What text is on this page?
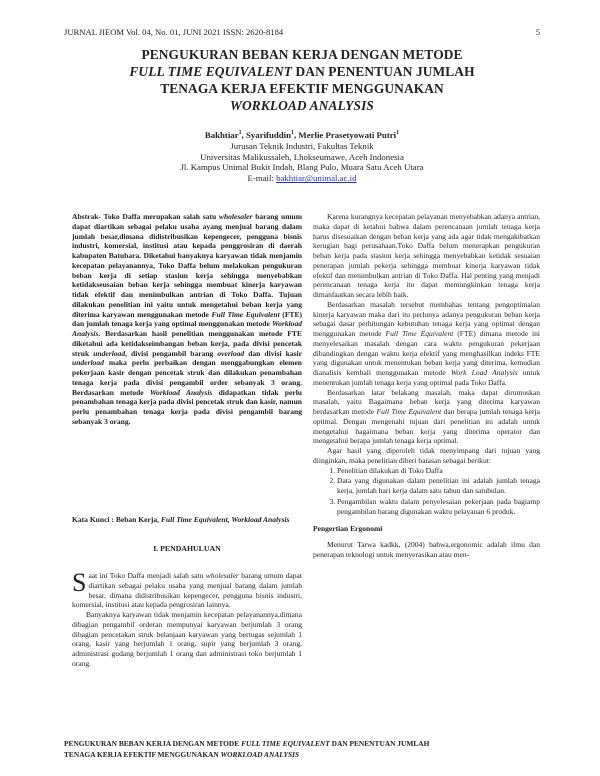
JURNAL JIEOM Vol. 04, No. 01, JUNI 2021 ISSN: 2620-8184	5
PENGUKURAN BEBAN KERJA DENGAN METODE
FULL TIME EQUIVALENT DAN PENENTUAN JUMLAH
TENAGA KERJA EFEKTIF MENGGUNAKAN
WORKLOAD ANALYSIS
Bakhtiar$^1$, Syarifuddin$^1$, Merlie Prasetyowati Putri$^1$
Jurusan Teknik Industri, Fakultas Teknik
Universitas Malikussaleh, Lhokseumawe, Aceh Indonesia
Jl. Kampus Unimal Bukit Indah, Blang Pulo, Muara Satu Aceh Utara
E-mail: bakhtiar@unimal.ac.id
Abstrak- Toko Daffa merupakan salah satu wholesaler barang umum dapat diartikan sebagai pelaku usaha ayang menjual barang dalam jumlah besar,dimana didistribusikan kepengecer, pengguna bisnis industri, komersial, institusi atau kepada penggrosiran di daerah kabupaten Batubara. Diketahui banyaknya karyawan tidak menjamin kecepatan pelayanannya, Toko Daffa belum melakukan pengukuran beban kerja di setiap stasiun kerja sehingga menyebabkan ketidakseusaian beban kerja sehingga membuat kinerja karyawan tidak efektif dan menimbulkan antrian di Toko Daffa. Tujuan dilakukan penelitian ini yaitu untuk mengetahui beban kerja yang diterima karyawan menggunakan metode Full Time Equivalent (FTE) dan jumlah tenaga kerja yang optimal menggunakan metode Workload Analysis. Berdasarkan hasil penelitian menggunakan metode FTE diketahui ada ketidakseimbangan beban kerja, pada divisi pencetak struk underload, divisi pengambil barang overload dan divisi kasir underload maka perlu perbaikan dengan menggabungkan elemen pekerjaan kasir dengan pencetak struk dan dilakukan penambahan tenaga kerja pada divisi pengambil order sebanyak 3 orang. Berdasarkan metode Workload Analysis didapatkan tidak perlu penambahan tenaga kerja pada divisi pencetak struk dan kasir, namun perlu penambahan tenaga kerja pada divisi pengambil barang sebanyak 3 orang.
Kata Kunci : Beban Kerja, Full Time Equivalent, Workload Analysis
I. PENDAHULUAN

Saat ini Toko Daffa menjadi salah satu wholesaler barang umum dapat diartikan sebagai pelaku usaha yang menjual barang dalam jumlah besar, dimana didistribusikan kepengecer, pengguna bisnis industri, komersial, institusi atau kepada pengrosiran lainnya.

Banyaknya karyawan tidak menjamin kecepatan pelayanannya,dimana dibagian pengambil orderan mempunyai karyawan berjumlah 3 orang dibagian pencetakan struk belanjaan karyawan yang bertugas sejumlah 1 orang, kasir yang berjumlah 1 orang, supir yang berjumlah 3 orang, administrasi gudang berjumlah 1 orang dan administrasi toko berjumlah 1 orang.

Karena kurangnya kecepatan pelayanan menyebabkan adanya antrian, maka dapat di ketahui bahwa dalam perencanaan jumlah tenaga kerja harus disesuaikan dengan beban kerja yang ada agar tidak mengakibatkan kerugian bagi perusahaan.Toko Daffa belum menerapkan pengukuran beban kerja pada stasiun kerja sehingga menyebabkan ketidak sesuaian penerapan jumlah pekerja sehingga membuat kinerja karyawan tidak efektif dan menimbulkan antrian di Toko Daffa. Hal penting yang menjadi perencanaan tenaga kerja itu dapat memungkinkan tenaga kerja dimanfaatkan secara lebih baik.

Berdasarkan masalah tersebut membahas tentang pengoptimalan kinerja karyawan maka dari itu perlunya adanya pengukuran beban kerja sebagai dasar perhitungan kebutuhan tenaga kerja yang optimal dengan menggunakan metode Full Time Equivalent (FTE) dimana metode ini menyelesaikan masalah dengan cara waktu pengukuran pekerjaan dibandingkan dengan waktu kerja efektif yang menghasilkan indeks FTE yang digunakan untuk menentukan beban kerja yang diterima, kemudian dianalisis kembali menggunakan metode Work Load Analysis untuk menentukan jumlah tenaga kerja yang optimal pada Toko Daffa.

Berdasarkan latar belakang masalah, maka dapat dirumuskan masalah, yaitu Bagaimana beban kerja yang diterima karyawan berdasarkan metode Full Time Equivalent dan berapa jumlah tenaga kerja optimal. Dengan mengenahi tujuan dari penelitian ini adalah untuk mengetahui bagaimana beban kerja yang diterima operator dan mengetahui berapa jumlah tenaga kerja optimal.

Agar hasil yang diperoleh tidak menyimpang dari tujuan yang diinginkan, maka penelitian diberi batasan sebagai berikut:

1. Penelitian dilakukan di Toko Daffa
2. Data yang digunakan dalam penelitian ini adalah jumlah tenaga kerja, jumlah hari kerja dalam satu tahun dan satubulan.
3. Pengambilan waktu dalam penyelesaian pekerjaan pada bagiamp pengambilan barang digunakan waktu pelayanan 6 produk.
Pengertian Ergonomi

Menurut Tarwa kadkk, (2004) bahwa,ergonomic adalah ilmu dan penerapan teknologi untuk menyerasikan atau men-

PENGUKURAN BEBAN KERJA DENGAN METODE FULL TIME EQUIVALENT DAN PENENTUAN JUMLAH
TENAGA KERJA EFEKTIF MENGGUNAKAN WORKLOAD ANALYSIS
